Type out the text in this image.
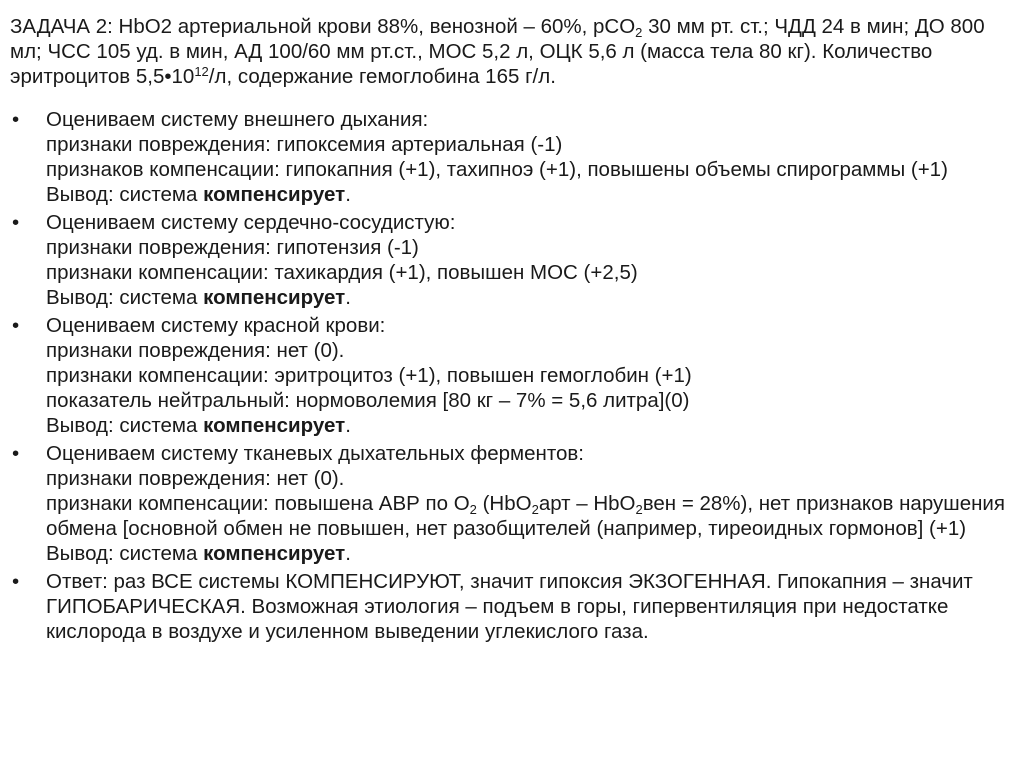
ЗАДАЧА 2: HbO2 артериальной крови 88%, венозной – 60%, pCO$_2$ 30 мм рт. ст.; ЧДД 24 в мин; ДО 800 мл; ЧСС 105 уд. в мин, АД 100/60 мм рт.ст., МОС 5,2 л, ОЦК 5,6 л (масса тела 80 кг). Количество эритроцитов $5,5•10^{12}/л$, содержание гемоглобина 165 г/л.

• Оцениваем систему внешнего дыхания:
признаки повреждения: гипоксемия артериальная (-1)
признаков компенсации: гипокапния (+1), тахипноэ (+1), повышены объемы спирограммы (+1)
Вывод: система компенсирует.
• Оцениваем систему сердечно-сосудистую:
признаки повреждения: гипотензия (-1)
признаки компенсации: тахикардия (+1), повышен МОС (+2,5)
Вывод: система компенсирует.
• Оцениваем систему красной крови:
признаки повреждения: нет (0).
признаки компенсации: эритроцитоз (+1), повышен гемоглобин (+1)
показатель нейтральный: нормоволемия [80 кг – 7% = 5,6 литра](0)
Вывод: система компенсирует.
• Оцениваем систему тканевых дыхательных ферментов:
признаки повреждения: нет (0).
признаки компенсации: повышена АВР по $О_2$ (HbO$_2$арт – HbO$_2$вен = 28%), нет признаков нарушения обмена [основной обмен не повышен, нет разобщителей (например, тиреоидных гормонов] (+1)
Вывод: система компенсирует.
• Ответ: раз ВСЕ системы КОМПЕНСИРУЮТ, значит гипоксия ЭКЗОГЕННАЯ. Гипокапния – значит ГИПОБАРИЧЕСКАЯ. Возможная этиология – подъем в горы, гипервентиляция при недостатке кислорода в воздухе и усиленном выведении углекислого газа.
